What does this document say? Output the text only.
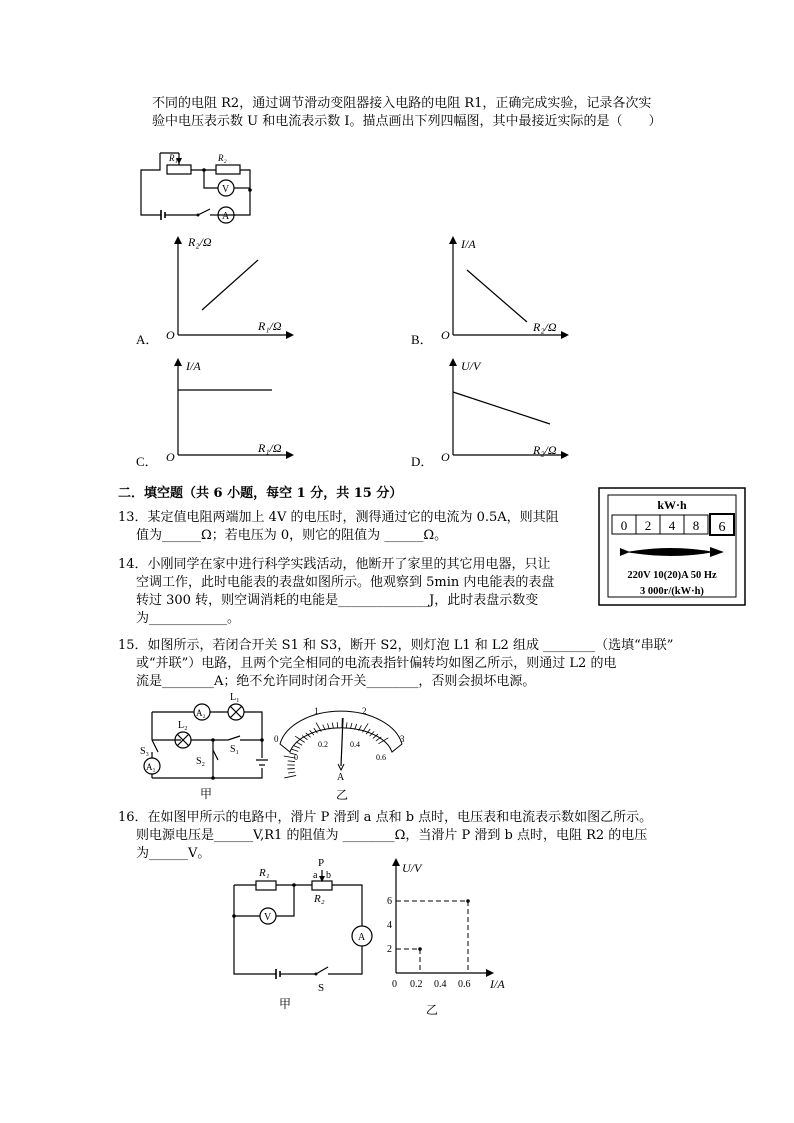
不同的电阻 R2，通过调节滑动变阻器接入电路的电阻 R1，正确完成实验，记录各次实
验中电压表示数 U 和电流表示数 I。描点画出下列四幅图，其中最接近实际的是（　　）
R₁	R₂
V
A
R₂/Ω
R₁/Ω
O
A．
I/A
R₂/Ω
O
B．
I/A
R₁/Ω
O
C．
U/V
R₂/Ω
O
D．
二．填空题（共 6 小题，每空 1 分，共 15 分）
13．某定值电阻两端加上 4V 的电压时，测得通过它的电流为 0.5A，则其阻
值为______Ω；若电压为 0，则它的阻值为 ______Ω。
kW·h
0 2 4 8 6
220V 10(20)A 50 Hz
3 000r/(kW·h)
14．小刚同学在家中进行科学实践活动，他断开了家里的其它用电器，只让
空调工作，此时电能表的表盘如图所示。他观察到 5min 内电能表的表盘
转过 300 转，则空调消耗的电能是______________J，此时表盘示数变
为____________。
15．如图所示，若闭合开关 S1 和 S3，断开 S2，则灯泡 L1 和 L2 组成 ________（选填“串联”
或“并联”）电路，且两个完全相同的电流表指针偏转均如图乙所示，则通过 L2 的电
流是________A；绝不允许同时闭合开关________，否则会损坏电源。
L₁
L₂
A₂
A₁
S₁
S₂
S₃
甲
0
1	2
3
0
0.2	0.4
0.6
A
乙
16．在如图甲所示的电路中，滑片 P 滑到 a 点和 b 点时，电压表和电流表示数如图乙所示。
则电源电压是______V,R1 的阻值为 ________Ω，当滑片 P 滑到 b 点时，电阻 R2 的电压
为______V。
R₁
P
a b
R₂
V
A
S
甲
U/V
I/A
0
2
4
6
0.2 0.4 0.6
乙
